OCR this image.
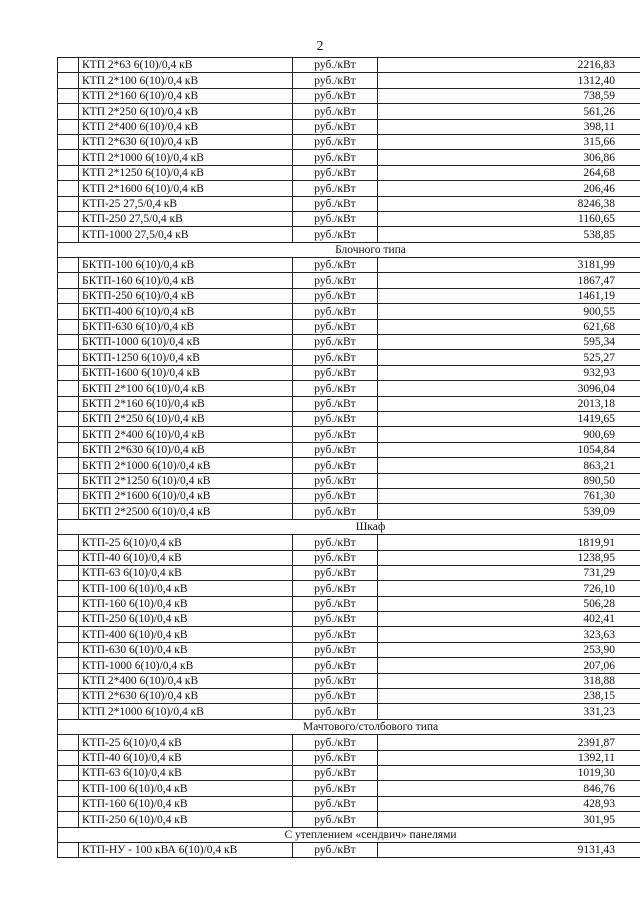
2
	КТП 2*63 6(10)/0,4 кВ	руб./кВт	2216,83
	КТП 2*100 6(10)/0,4 кВ	руб./кВт	1312,40
	КТП 2*160 6(10)/0,4 кВ	руб./кВт	738,59
	КТП 2*250 6(10)/0,4 кВ	руб./кВт	561,26
	КТП 2*400 6(10)/0,4 кВ	руб./кВт	398,11
	КТП 2*630 6(10)/0,4 кВ	руб./кВт	315,66
	КТП 2*1000 6(10)/0,4 кВ	руб./кВт	306,86
	КТП 2*1250 6(10)/0,4 кВ	руб./кВт	264,68
	КТП 2*1600 6(10)/0,4 кВ	руб./кВт	206,46
	КТП-25 27,5/0,4 кВ	руб./кВт	8246,38
	КТП-250 27,5/0,4 кВ	руб./кВт	1160,65
	КТП-1000 27,5/0,4 кВ	руб./кВт	538,85
Блочного типа			
	БКТП-100 6(10)/0,4 кВ	руб./кВт	3181,99
	БКТП-160 6(10)/0,4 кВ	руб./кВт	1867,47
	БКТП-250 6(10)/0,4 кВ	руб./кВт	1461,19
	БКТП-400 6(10)/0,4 кВ	руб./кВт	900,55
	БКТП-630 6(10)/0,4 кВ	руб./кВт	621,68
	БКТП-1000 6(10)/0,4 кВ	руб./кВт	595,34
	БКТП-1250 6(10)/0,4 кВ	руб./кВт	525,27
	БКТП-1600 6(10)/0,4 кВ	руб./кВт	932,93
	БКТП 2*100 6(10)/0,4 кВ	руб./кВт	3096,04
	БКТП 2*160 6(10)/0,4 кВ	руб./кВт	2013,18
	БКТП 2*250 6(10)/0,4 кВ	руб./кВт	1419,65
	БКТП 2*400 6(10)/0,4 кВ	руб./кВт	900,69
	БКТП 2*630 6(10)/0,4 кВ	руб./кВт	1054,84
	БКТП 2*1000 6(10)/0,4 кВ	руб./кВт	863,21
	БКТП 2*1250 6(10)/0,4 кВ	руб./кВт	890,50
	БКТП 2*1600 6(10)/0,4 кВ	руб./кВт	761,30
	БКТП 2*2500 6(10)/0,4 кВ	руб./кВт	539,09
Шкаф			
	КТП-25 6(10)/0,4 кВ	руб./кВт	1819,91
	КТП-40 6(10)/0,4 кВ	руб./кВт	1238,95
	КТП-63 6(10)/0,4 кВ	руб./кВт	731,29
	КТП-100 6(10)/0,4 кВ	руб./кВт	726,10
	КТП-160 6(10)/0,4 кВ	руб./кВт	506,28
	КТП-250 6(10)/0,4 кВ	руб./кВт	402,41
	КТП-400 6(10)/0,4 кВ	руб./кВт	323,63
	КТП-630 6(10)/0,4 кВ	руб./кВт	253,90
	КТП-1000 6(10)/0,4 кВ	руб./кВт	207,06
	КТП 2*400 6(10)/0,4 кВ	руб./кВт	318,88
	КТП 2*630 6(10)/0,4 кВ	руб./кВт	238,15
	КТП 2*1000 6(10)/0,4 кВ	руб./кВт	331,23
Мачтового/столбового типа			
	КТП-25 6(10)/0,4 кВ	руб./кВт	2391,87
	КТП-40 6(10)/0,4 кВ	руб./кВт	1392,11
	КТП-63 6(10)/0,4 кВ	руб./кВт	1019,30
	КТП-100 6(10)/0,4 кВ	руб./кВт	846,76
	КТП-160 6(10)/0,4 кВ	руб./кВт	428,93
	КТП-250 6(10)/0,4 кВ	руб./кВт	301,95
С утеплением «сендвич» панелями			
	КТП-НУ - 100 кВА 6(10)/0,4 кВ	руб./кВт	9131,43
